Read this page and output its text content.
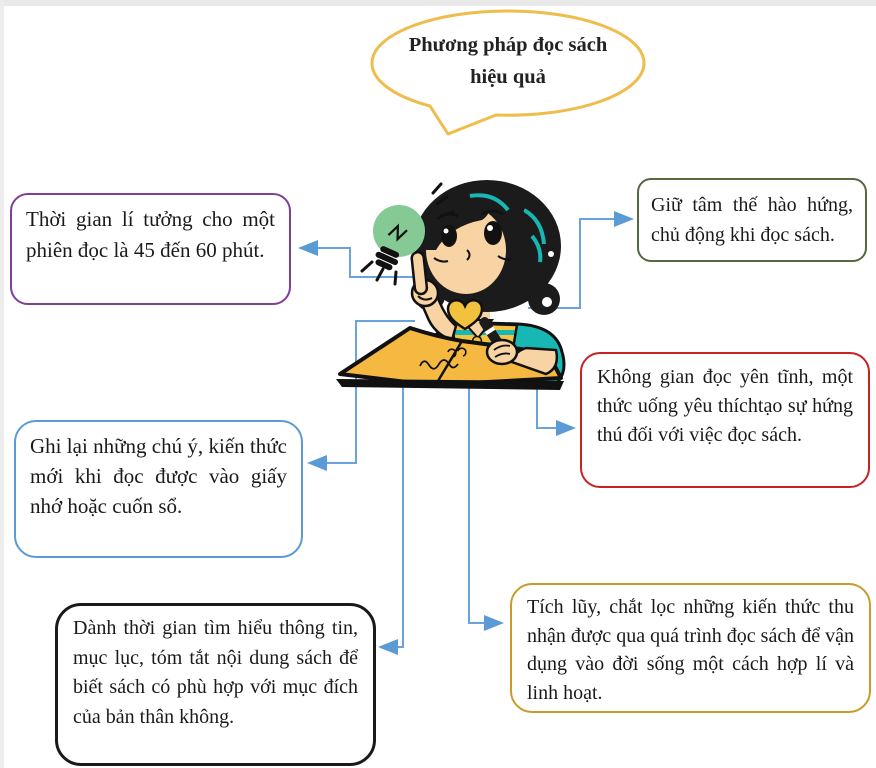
Phương pháp đọc sách hiệu quả
Thời gian lí tưởng cho một phiên đọc là 45 đến 60 phút.
Giữ tâm thế hào hứng, chủ động khi đọc sách.
Không gian đọc yên tĩnh, một thức uống yêu thíchtạo sự hứng thú đối với việc đọc sách.
Ghi lại những chú ý, kiến thức mới khi đọc được vào giấy nhớ hoặc cuốn sổ.
Dành thời gian tìm hiểu thông tin, mục lục, tóm tắt nội dung sách để biết sách có phù hợp với mục đích của bản thân không.
Tích lũy, chắt lọc những kiến thức thu nhận được qua quá trình đọc sách để vận dụng vào đời sống một cách hợp lí và linh hoạt.
